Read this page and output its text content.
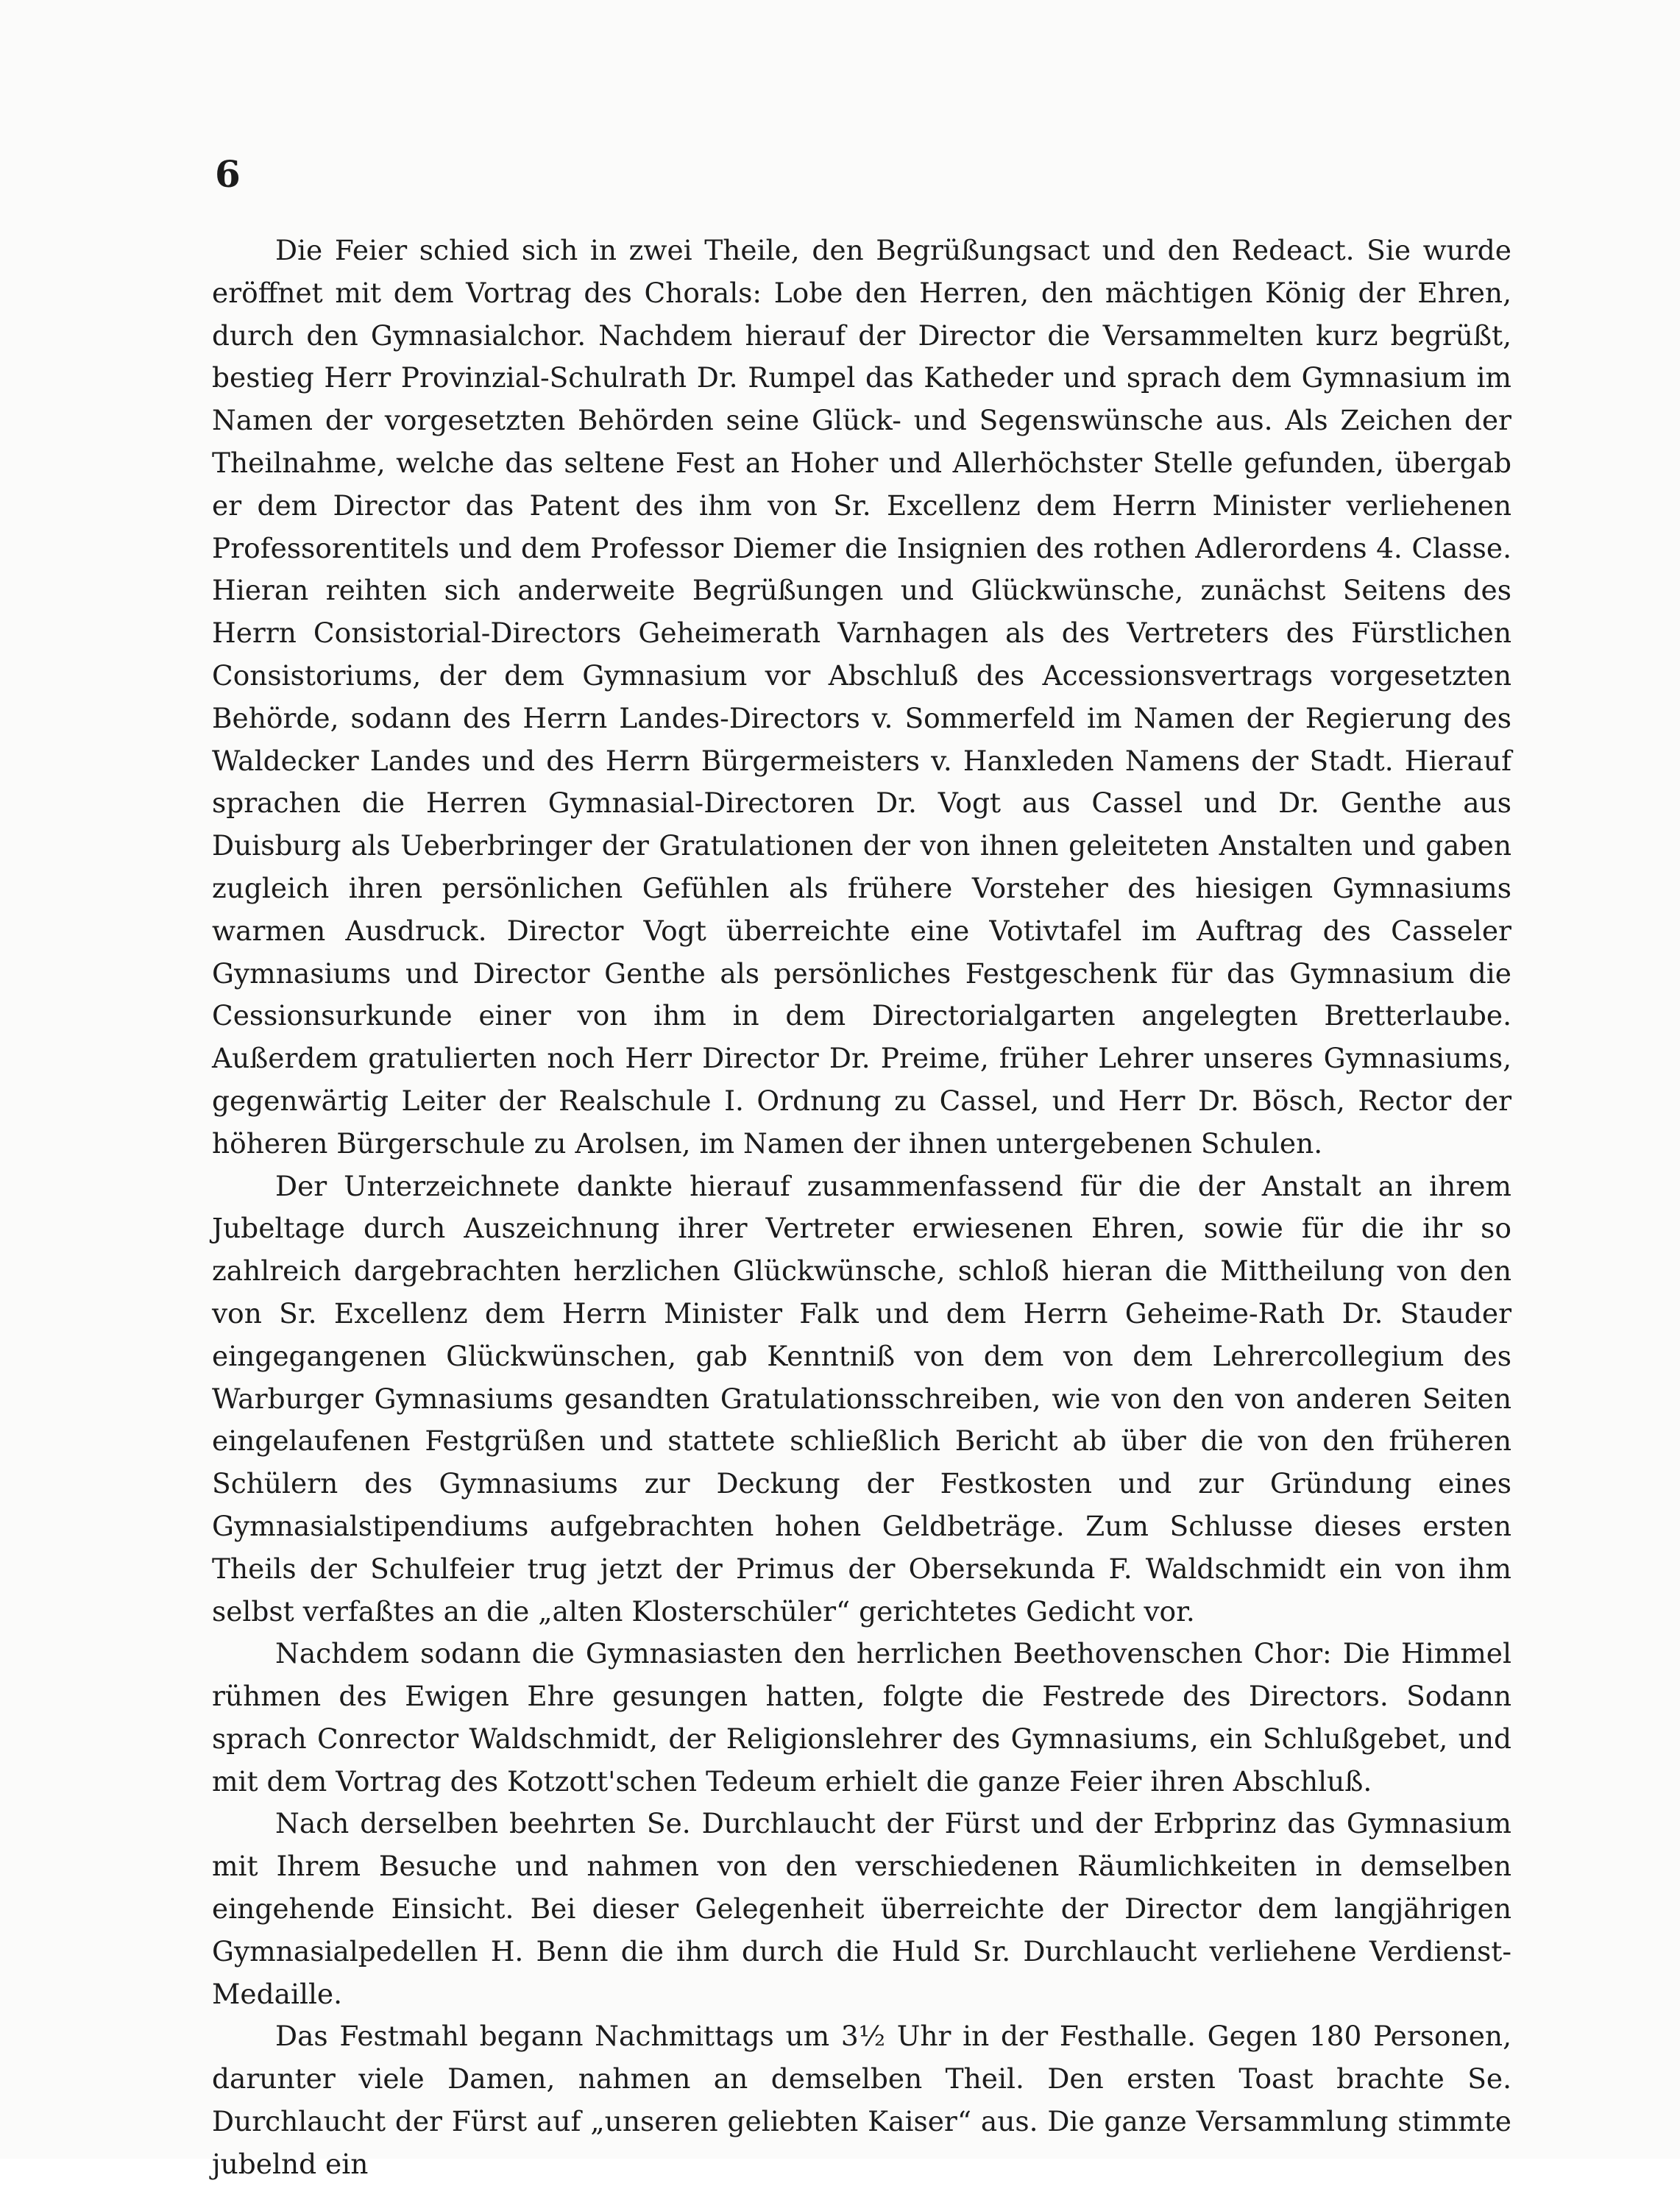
6

Die Feier schied sich in zwei Theile, den Begrüßungsact und den Redeact. Sie wurde eröffnet mit dem Vortrag des Chorals: Lobe den Herren, den mächtigen König der Ehren, durch den Gymnasialchor. Nachdem hierauf der Director die Versammelten kurz begrüßt, bestieg Herr Provinzial-Schulrath Dr. Rumpel das Katheder und sprach dem Gymnasium im Namen der vorgesetzten Behörden seine Glück- und Segenswünsche aus. Als Zeichen der Theilnahme, welche das seltene Fest an Hoher und Allerhöchster Stelle gefunden, übergab er dem Director das Patent des ihm von Sr. Excellenz dem Herrn Minister verliehenen Professorentitels und dem Professor Diemer die Insignien des rothen Adlerordens 4. Classe. Hieran reihten sich anderweite Begrüßungen und Glückwünsche, zunächst Seitens des Herrn Consistorial-Directors Geheimerath Varnhagen als des Vertreters des Fürstlichen Consistoriums, der dem Gymnasium vor Abschluß des Accessionsvertrags vorgesetzten Behörde, sodann des Herrn Landes-Directors v. Sommerfeld im Namen der Regierung des Waldecker Landes und des Herrn Bürgermeisters v. Hanxleden Namens der Stadt. Hierauf sprachen die Herren Gymnasial-Directoren Dr. Vogt aus Cassel und Dr. Genthe aus Duisburg als Ueberbringer der Gratulationen der von ihnen geleiteten Anstalten und gaben zugleich ihren persönlichen Gefühlen als frühere Vorsteher des hiesigen Gymnasiums warmen Ausdruck. Director Vogt überreichte eine Votivtafel im Auftrag des Casseler Gymnasiums und Director Genthe als persönliches Festgeschenk für das Gymnasium die Cessionsurkunde einer von ihm in dem Directorialgarten angelegten Bretterlaube. Außerdem gratulierten noch Herr Director Dr. Preime, früher Lehrer unseres Gymnasiums, gegenwärtig Leiter der Realschule I. Ordnung zu Cassel, und Herr Dr. Bösch, Rector der höheren Bürgerschule zu Arolsen, im Namen der ihnen untergebenen Schulen.

Der Unterzeichnete dankte hierauf zusammenfassend für die der Anstalt an ihrem Jubeltage durch Auszeichnung ihrer Vertreter erwiesenen Ehren, sowie für die ihr so zahlreich dargebrachten herzlichen Glückwünsche, schloß hieran die Mittheilung von den von Sr. Excellenz dem Herrn Minister Falk und dem Herrn Geheime-Rath Dr. Stauder eingegangenen Glückwünschen, gab Kenntniß von dem von dem Lehrercollegium des Warburger Gymnasiums gesandten Gratulationsschreiben, wie von den von anderen Seiten eingelaufenen Festgrüßen und stattete schließlich Bericht ab über die von den früheren Schülern des Gymnasiums zur Deckung der Festkosten und zur Gründung eines Gymnasialstipendiums aufgebrachten hohen Geldbeträge. Zum Schlusse dieses ersten Theils der Schulfeier trug jetzt der Primus der Obersekunda F. Waldschmidt ein von ihm selbst verfaßtes an die „alten Klosterschüler“ gerichtetes Gedicht vor.

Nachdem sodann die Gymnasiasten den herrlichen Beethovenschen Chor: Die Himmel rühmen des Ewigen Ehre gesungen hatten, folgte die Festrede des Directors. Sodann sprach Conrector Waldschmidt, der Religionslehrer des Gymnasiums, ein Schlußgebet, und mit dem Vortrag des Kotzott'schen Tedeum erhielt die ganze Feier ihren Abschluß.

Nach derselben beehrten Se. Durchlaucht der Fürst und der Erbprinz das Gymnasium mit Ihrem Besuche und nahmen von den verschiedenen Räumlichkeiten in demselben eingehende Einsicht. Bei dieser Gelegenheit überreichte der Director dem langjährigen Gymnasialpedellen H. Benn die ihm durch die Huld Sr. Durchlaucht verliehene Verdienst-Medaille.

Das Festmahl begann Nachmittags um 3½ Uhr in der Festhalle. Gegen 180 Personen, darunter viele Damen, nahmen an demselben Theil. Den ersten Toast brachte Se. Durchlaucht der Fürst auf „unseren geliebten Kaiser“ aus. Die ganze Versammlung stimmte jubelnd ein
